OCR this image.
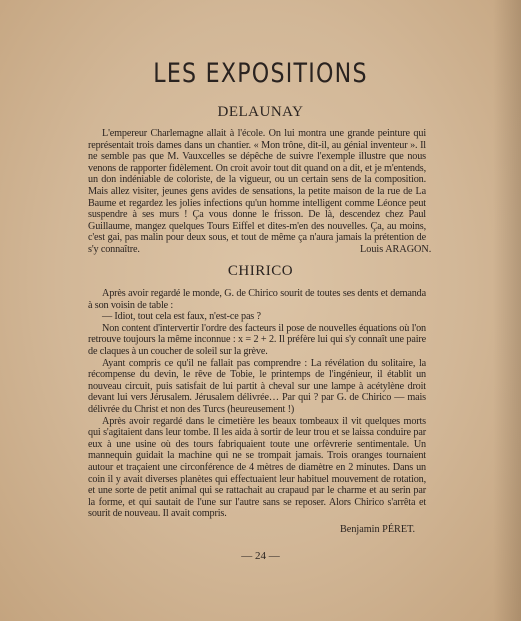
LES EXPOSITIONS
DELAUNAY

L'empereur Charlemagne allait à l'école. On lui montra une grande peinture qui représentait trois dames dans un chantier. « Mon trône, dit-il, au génial inventeur ». Il ne semble pas que M. Vauxcelles se dépêche de suivre l'exemple illustre que nous venons de rapporter fidèlement. On croit avoir tout dit quand on a dit, et je m'entends, un don indéniable de coloriste, de la vigueur, ou un certain sens de la composition. Mais allez visiter, jeunes gens avides de sensations, la petite maison de la rue de La Baume et regardez les jolies infections qu'un homme intelligent comme Léonce peut suspendre à ses murs ! Ça vous donne le frisson. De là, descendez chez Paul Guillaume, mangez quelques Tours Eiffel et dites-m'en des nouvelles. Ça, au moins, c'est gai, pas malin pour deux sous, et tout de même ça n'aura jamais la prétention de s'y connaître.	Louis ARAGON.
CHIRICO

Après avoir regardé le monde, G. de Chirico sourit de toutes ses dents et demanda à son voisin de table :

— Idiot, tout cela est faux, n'est-ce pas ?

Non content d'intervertir l'ordre des facteurs il pose de nouvelles équations où l'on retrouve toujours la même inconnue : x = 2 + 2. Il préfère lui qui s'y connaît une paire de claques à un coucher de soleil sur la grève.

Ayant compris ce qu'il ne fallait pas comprendre : La révélation du solitaire, la récompense du devin, le rêve de Tobie, le printemps de l'ingénieur, il établit un nouveau circuit, puis satisfait de lui partit à cheval sur une lampe à acétylène droit devant lui vers Jérusalem. Jérusalem délivrée… Par qui ? par G. de Chirico — mais délivrée du Christ et non des Turcs (heureusement !)

Après avoir regardé dans le cimetière les beaux tombeaux il vit quelques morts qui s'agitaient dans leur tombe. Il les aida à sortir de leur trou et se laissa conduire par eux à une usine où des tours fabriquaient toute une orfèvrerie sentimentale. Un mannequin guidait la machine qui ne se trompait jamais. Trois oranges tournaient autour et traçaient une circonférence de 4 mètres de diamètre en 2 minutes. Dans un coin il y avait diverses planètes qui effectuaient leur habituel mouvement de rotation, et une sorte de petit animal qui se rattachait au crapaud par le charme et au serin par la forme, et qui sautait de l'une sur l'autre sans se reposer. Alors Chirico s'arrêta et sourit de nouveau. Il avait compris.

Benjamin PÉRET.
— 24 —
